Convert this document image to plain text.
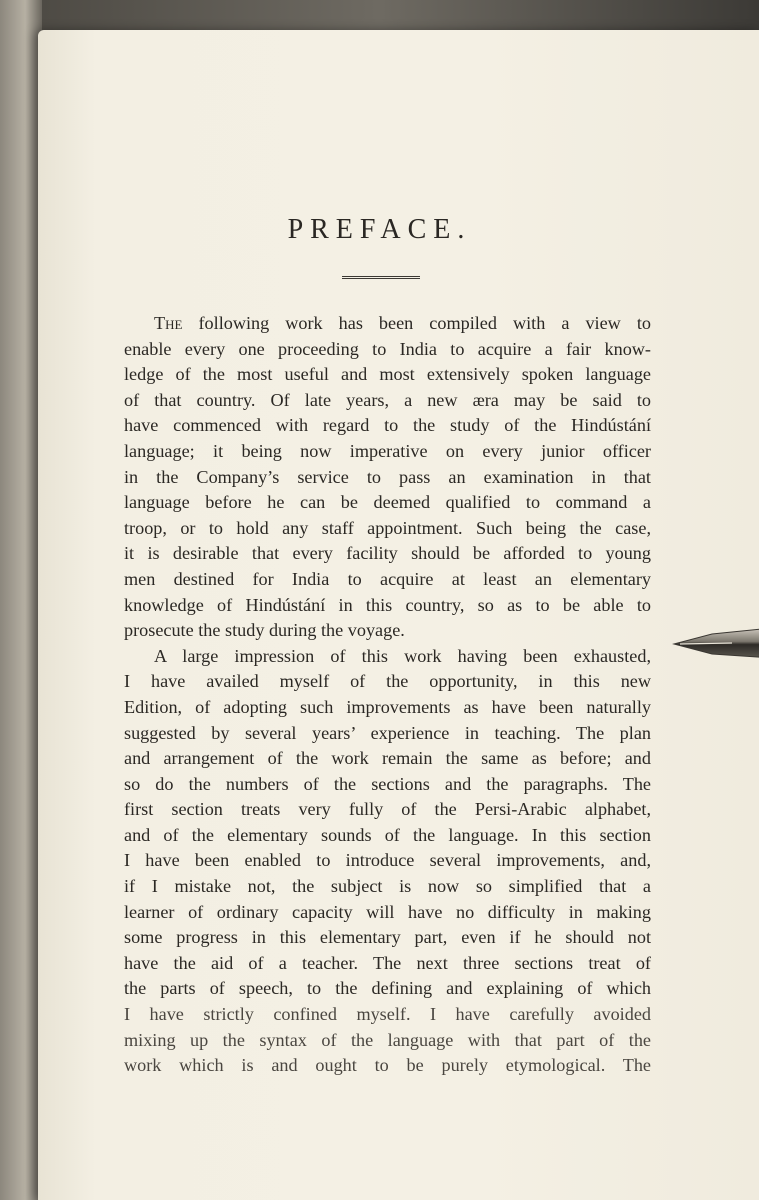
PREFACE.
The following work has been compiled with a view to
enable every one proceeding to India to acquire a fair know-
ledge of the most useful and most extensively spoken language
of that country. Of late years, a new æra may be said to
have commenced with regard to the study of the Hindústání
language; it being now imperative on every junior officer
in the Company’s service to pass an examination in that
language before he can be deemed qualified to command a
troop, or to hold any staff appointment. Such being the case,
it is desirable that every facility should be afforded to young
men destined for India to acquire at least an elementary
knowledge of Hindústání in this country, so as to be able to
prosecute the study during the voyage.
A large impression of this work having been exhausted,
I have availed myself of the opportunity, in this new
Edition, of adopting such improvements as have been naturally
suggested by several years’ experience in teaching. The plan
and arrangement of the work remain the same as before; and
so do the numbers of the sections and the paragraphs. The
first section treats very fully of the Persi-Arabic alphabet,
and of the elementary sounds of the language. In this section
I have been enabled to introduce several improvements, and,
if I mistake not, the subject is now so simplified that a
learner of ordinary capacity will have no difficulty in making
some progress in this elementary part, even if he should not
have the aid of a teacher. The next three sections treat of
the parts of speech, to the defining and explaining of which
I have strictly confined myself. I have carefully avoided
mixing up the syntax of the language with that part of the
work which is and ought to be purely etymological. The
